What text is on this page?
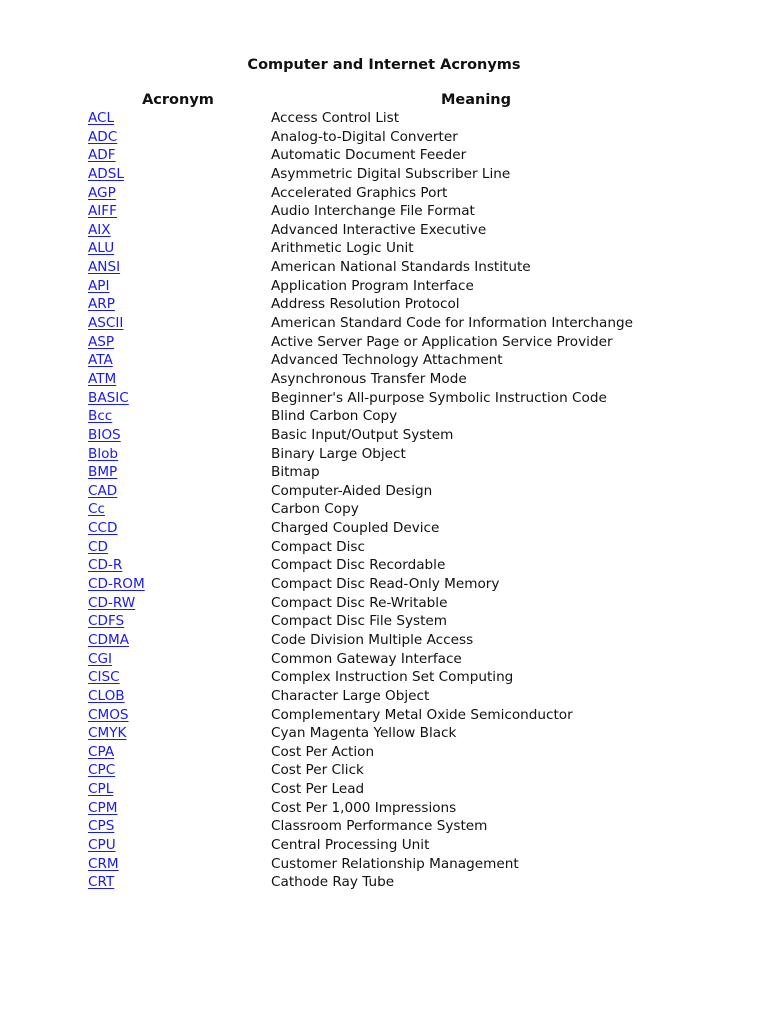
Computer and Internet Acronyms
Acronym	Meaning
ACL	Access Control List
ADC	Analog-to-Digital Converter
ADF	Automatic Document Feeder
ADSL	Asymmetric Digital Subscriber Line
AGP	Accelerated Graphics Port
AIFF	Audio Interchange File Format
AIX	Advanced Interactive Executive
ALU	Arithmetic Logic Unit
ANSI	American National Standards Institute
API	Application Program Interface
ARP	Address Resolution Protocol
ASCII	American Standard Code for Information Interchange
ASP	Active Server Page or Application Service Provider
ATA	Advanced Technology Attachment
ATM	Asynchronous Transfer Mode
BASIC	Beginner's All-purpose Symbolic Instruction Code
Bcc	Blind Carbon Copy
BIOS	Basic Input/Output System
Blob	Binary Large Object
BMP	Bitmap
CAD	Computer-Aided Design
Cc	Carbon Copy
CCD	Charged Coupled Device
CD	Compact Disc
CD-R	Compact Disc Recordable
CD-ROM	Compact Disc Read-Only Memory
CD-RW	Compact Disc Re-Writable
CDFS	Compact Disc File System
CDMA	Code Division Multiple Access
CGI	Common Gateway Interface
CISC	Complex Instruction Set Computing
CLOB	Character Large Object
CMOS	Complementary Metal Oxide Semiconductor
CMYK	Cyan Magenta Yellow Black
CPA	Cost Per Action
CPC	Cost Per Click
CPL	Cost Per Lead
CPM	Cost Per 1,000 Impressions
CPS	Classroom Performance System
CPU	Central Processing Unit
CRM	Customer Relationship Management
CRT	Cathode Ray Tube
